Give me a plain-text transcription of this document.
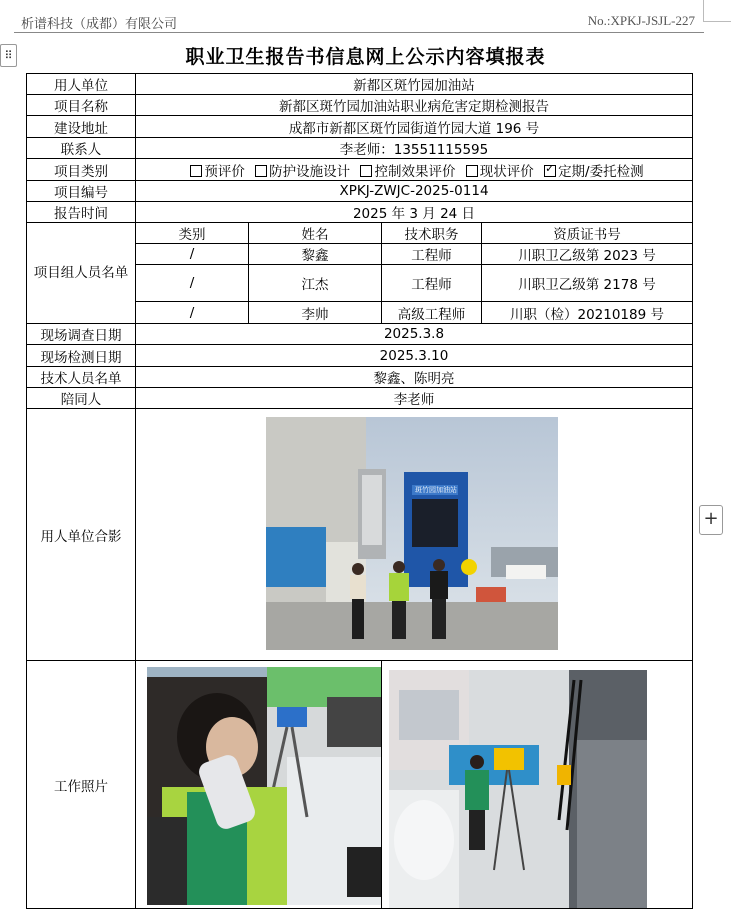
析谱科技（成都）有限公司	No.:XPKJ-JSJL-227
⠿
+
职业卫生报告书信息网上公示内容填报表
用人单位	新都区斑竹园加油站			
项目名称	新都区斑竹园加油站职业病危害定期检测报告			
建设地址	成都市新都区斑竹园街道竹园大道 196 号			
联系人	李老师：13551115595			
项目类别	预评价 防护设施设计 控制效果评价 现状评价 ✓ 定期/委托检测
项目编号	XPKJ-ZWJC-2025-0114			
报告时间	2025 年 3 月 24 日			
项目组人员名单	类别	姓名	技术职务	资质证书号
	/	黎鑫	工程师	川职卫乙级第 2023 号
	/	江杰	工程师	川职卫乙级第 2178 号
	/	李帅	高级工程师	川职（检）20210189 号
现场调查日期	2025.3.8			
现场检测日期	2025.3.10			
技术人员名单	黎鑫、陈明亮			
陪同人	李老师			
用人单位合影	斑竹园加油站			

工作照片	
